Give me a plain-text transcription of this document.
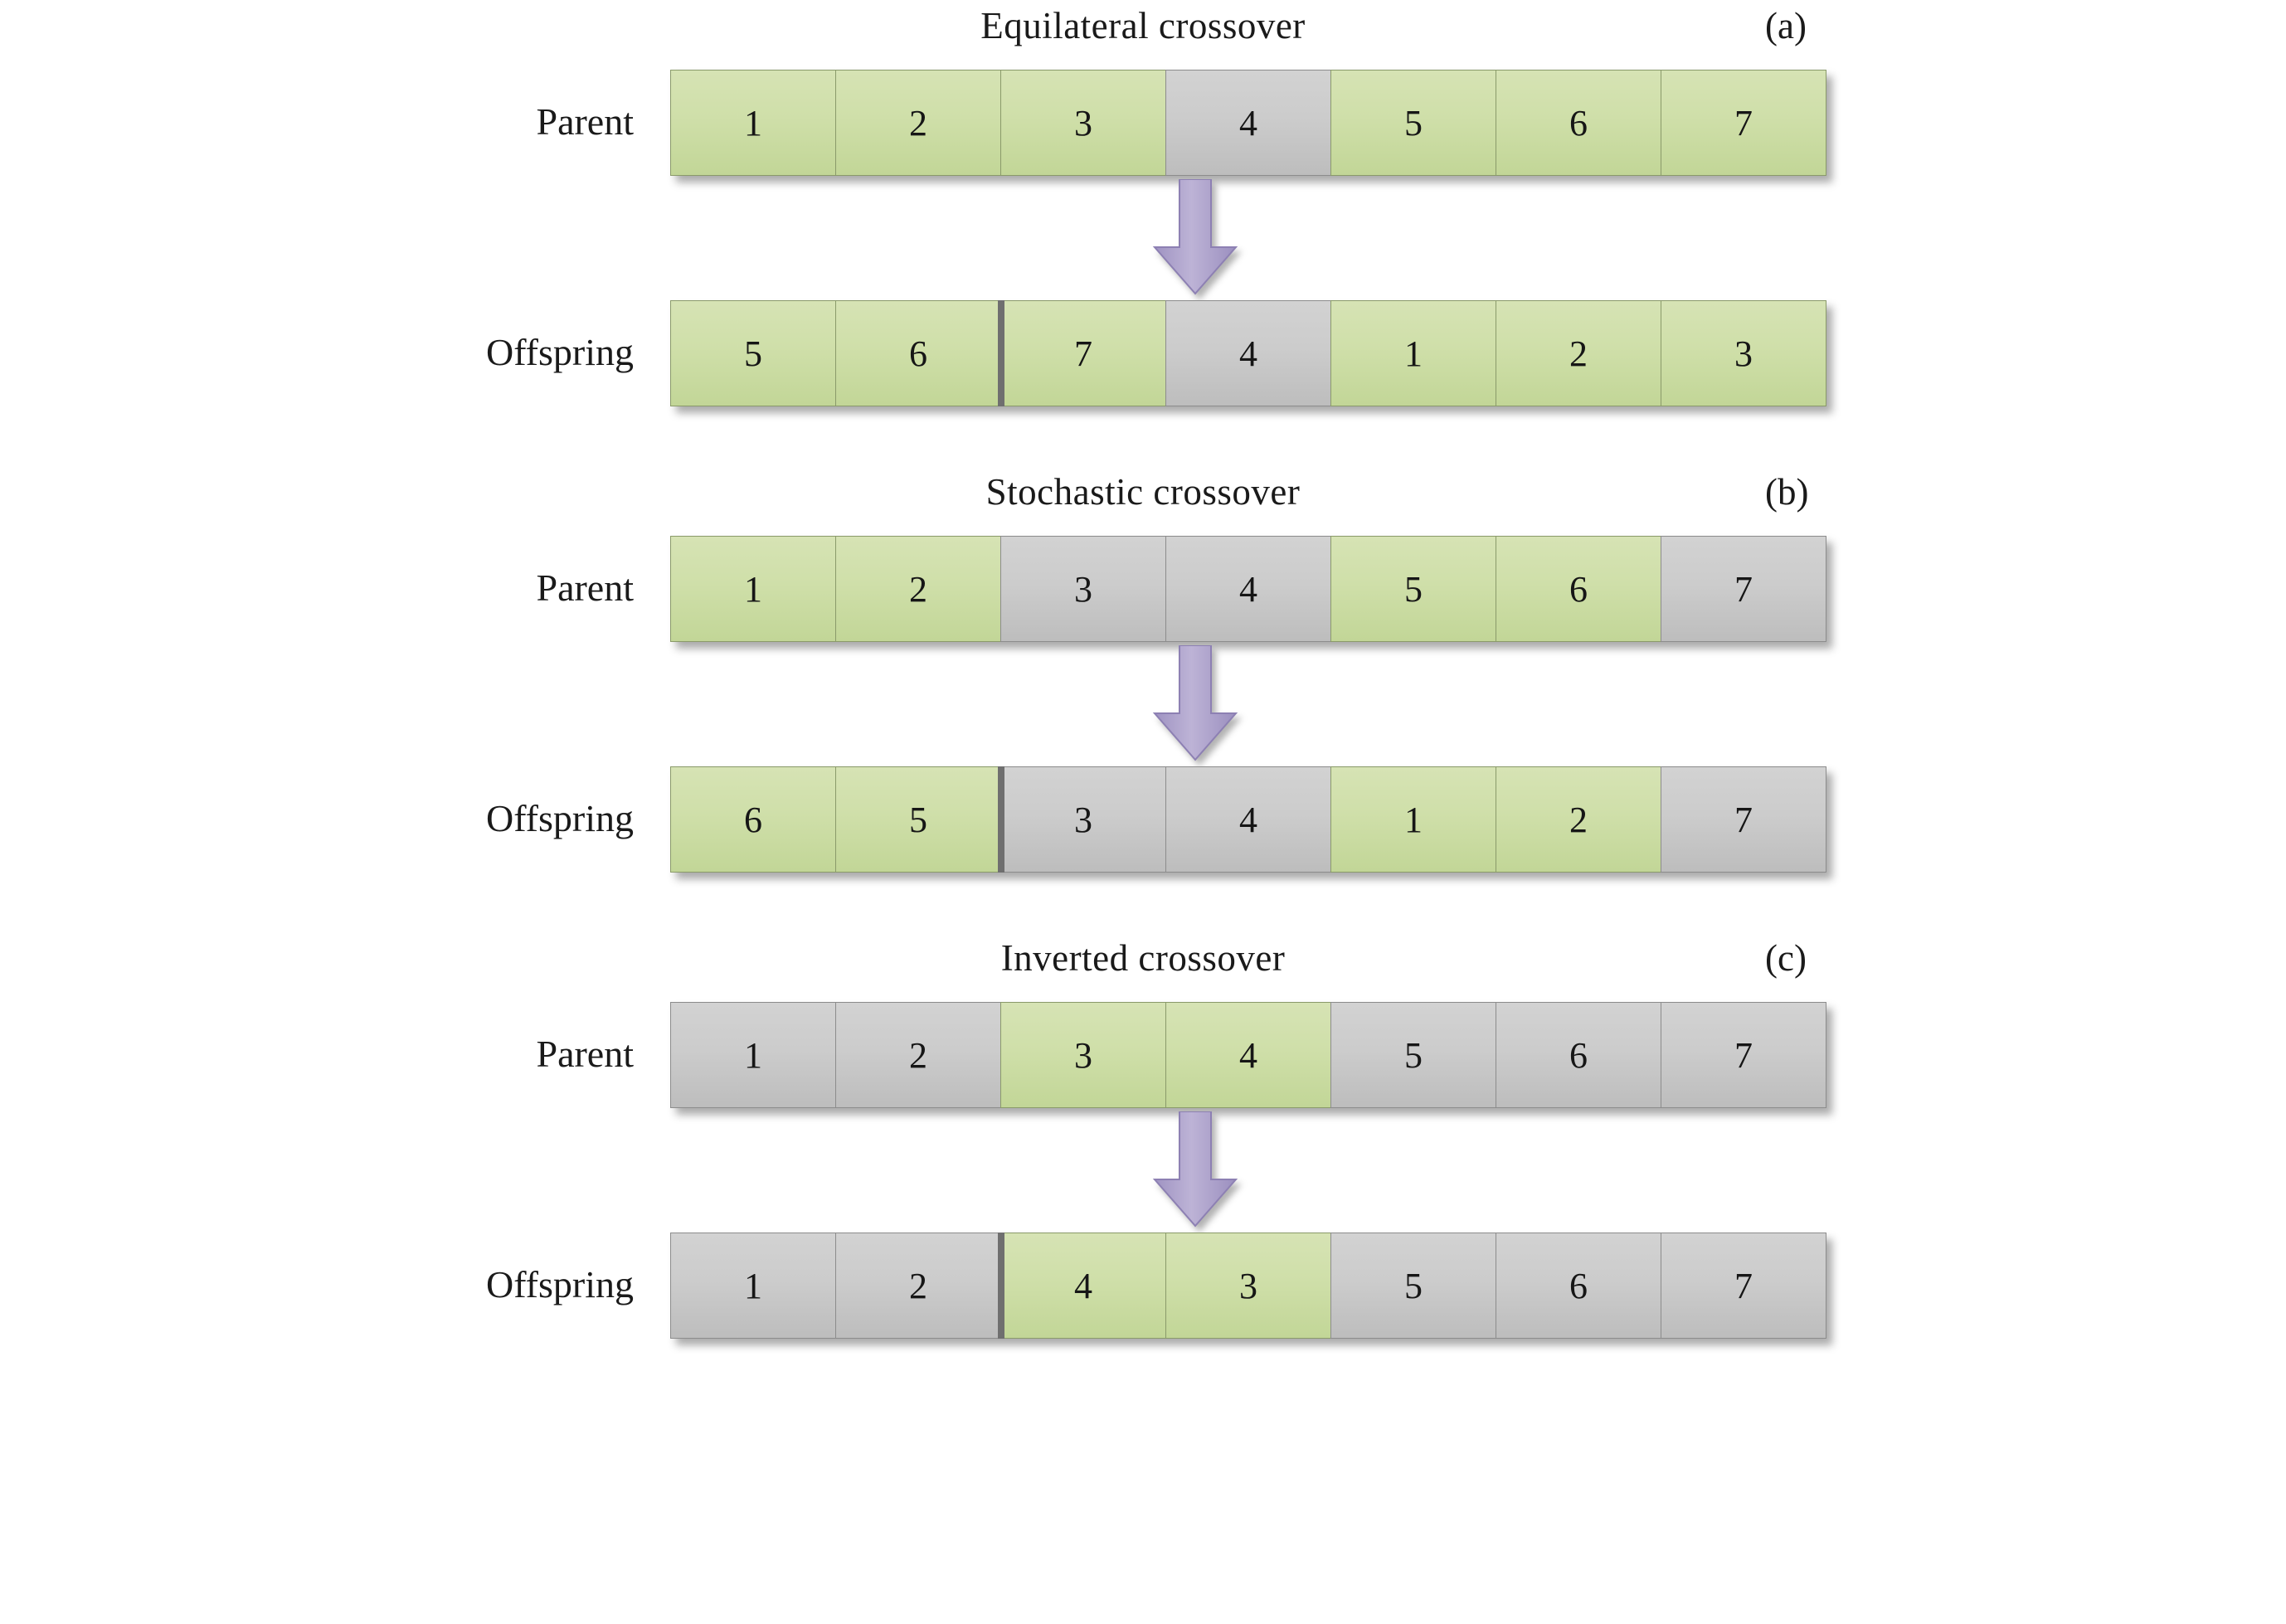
Equilateral crossover	(a)
Parent	1	2	3	4	5	6	7
Offspring	5	6	7	4	1	2	3
Stochastic crossover	(b)
Parent	1	2	3	4	5	6	7
Offspring	6	5	3	4	1	2	7
Inverted crossover	(c)
Parent	1	2	3	4	5	6	7
Offspring	1	2	4	3	5	6	7
